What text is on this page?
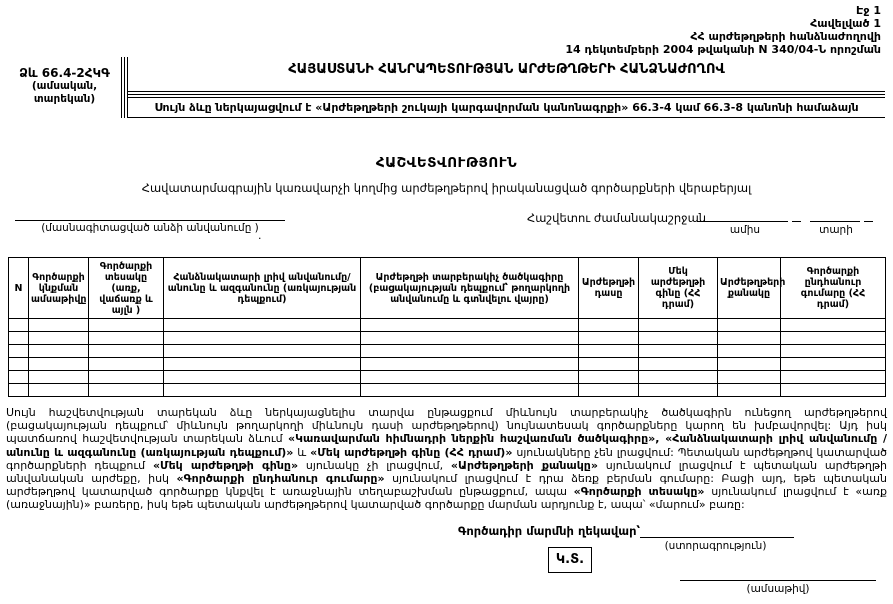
Էջ 1
Հավելված 1
ՀՀ արժեթղթերի հանձնաժողովի
14 դեկտեմբերի 2004 թվականի N 340/04-Ն որոշման
Ձև 66.4-2ՀԿԳ
(ամսական, տարեկան)
ՀԱՅԱՍՏԱՆԻ ՀԱՆՐԱՊԵՏՈՒԹՅԱՆ ԱՐԺԵԹՂԹԵՐԻ ՀԱՆՁՆԱԺՈՂՈՎ
Սույն ձևը ներկայացվում է «Արժեթղթերի շուկայի կարգավորման կանոնագրքի» 66.3-4 կամ 66.3-8 կանոնի համաձայն
ՀԱՇՎԵՏՎՈՒԹՅՈՒՆ
Հավատարմագրային կառավարչի կողմից արժեթղթերով իրականացված գործարքների վերաբերյալ
(մասնագիտացված անձի անվանումը )
.
Հաշվետու ժամանակաշրջան
ամիս	տարի
N	Գործարքի կնքման ամսաթիվը	Գործարքի տեսակը (առք, վաճառք և այլն )	Հանձնակատարի լրիվ անվանումը/ անունը և ազգանունը (առկայության դեպքում)	Արժեթղթի տարբերակիչ ծածկագիրը (բացակայության դեպքում՝ թողարկողի անվանումը և գտնվելու վայրը)	Արժեթղթի դասը	Մեկ արժեթղթի գինը (ՀՀ դրամ)	Արժեթղթերի քանակը	Գործարքի ընդհանուր գումարը (ՀՀ դրամ)

Սույն հաշվետվության տարեկան ձևը ներկայացնելիս տարվա ընթացքում միևնույն տարբերակիչ ծածկագիրն ունեցող արժեթղթերով (բացակայության դեպքում՝ միևնույն թողարկողի միևնույն դասի արժեթղթերով) նույնատեսակ գործարքները կարող են խմբավորվել: Այդ իսկ պատճառով հաշվետվության տարեկան ձևում «Կառավարման հիմնադրի ներքին հաշվառման ծածկագիրը», «Հանձնակատարի լրիվ անվանումը / անունը և ազգանունը (առկայության դեպքում)» և «Մեկ արժեթղթի գինը (ՀՀ դրամ)» սյունակները չեն լրացվում: Պետական արժեթղթով կատարված գործարքների դեպքում «Մեկ արժեթղթի գինը» սյունակը չի լրացվում, «Արժեթղթերի քանակը» սյունակում լրացվում է պետական արժեթղթի անվանական արժեքը, իսկ «Գործարքի ընդհանուր գումարը» սյունակում լրացվում է դրա ձեռք բերման գումարը: Բացի այդ, եթե պետական արժեթղթով կատարված գործարքը կնքվել է առաջնային տեղաբաշխման ընթացքում, ապա «Գործարքի տեսակը» սյունակում լրացվում է «առք (առաջնային)» բառերը, իսկ եթե պետական արժեթղթերով կատարված գործարքը մարման արդյունք է, ապա՝ «մարում» բառը:
Գործադիր մարմնի ղեկավար՝
(ստորագրություն)
Կ.Տ.
(ամսաթիվ)
